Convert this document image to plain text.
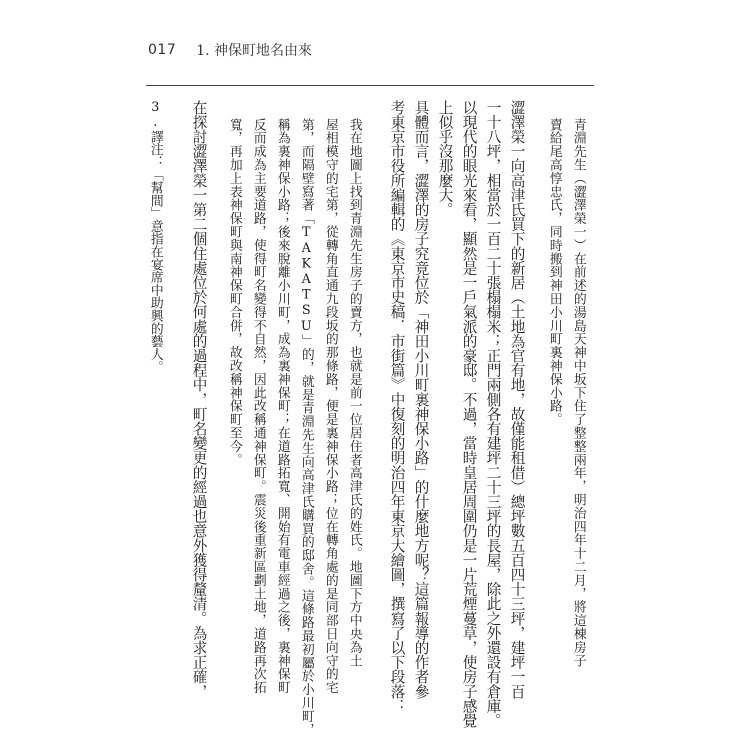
017 1. 神保町地名由來
青淵先生（澀澤榮一）在前述的湯島天神中坂下住了整整兩年，明治四年十二月，將這棟房子
賣給尾高惇忠氏，同時搬到神田小川町裏神保小路。
澀澤榮一向高津氏買下的新居（土地為官有地，故僅能租借）總坪數五百四十三坪，建坪一百
一十八坪，相當於一百二十張榻榻米；正門兩側各有建坪二十三坪的長屋，除此之外還設有倉庫。
以現代的眼光來看，顯然是一戶氣派的豪邸。不過，當時皇居周圍仍是一片荒煙蔓草，使房子感覺
上似乎沒那麼大。
具體而言，澀澤的房子究竟位於「神田小川町裏神保小路」的什麼地方呢？這篇報導的作者參
考東京市役所編輯的《東京市史稿．市街篇》中復刻的明治四年東京大繪圖，撰寫了以下段落：
我在地圖上找到青淵先生房子的賣方，也就是前一位居住者高津氏的姓氏。地圖下方中央為土
屋相模守的宅第，從轉角直通九段坂的那條路，便是裏神保小路；位在轉角處的是同部日向守的宅
第，而隔壁寫著「TAKATSU」的，就是青淵先生向高津氏購買的邸舍。這條路最初屬於小川町，
稱為裏神保小路；後來脫離小川町，成為裏神保町；在道路拓寬、開始有電車經過之後，裏神保町
反而成為主要道路，使得町名變得不自然，因此改稱通神保町。震災後重新區劃土地，道路再次拓
寬，再加上表神保町與南神保町合併，故改稱神保町至今。
在探討澀澤榮一第二個住處位於何處的過程中，町名變更的經過也意外獲得釐清。為求正確，
3.譯注：「幫間」意指在宴席中助興的藝人。
